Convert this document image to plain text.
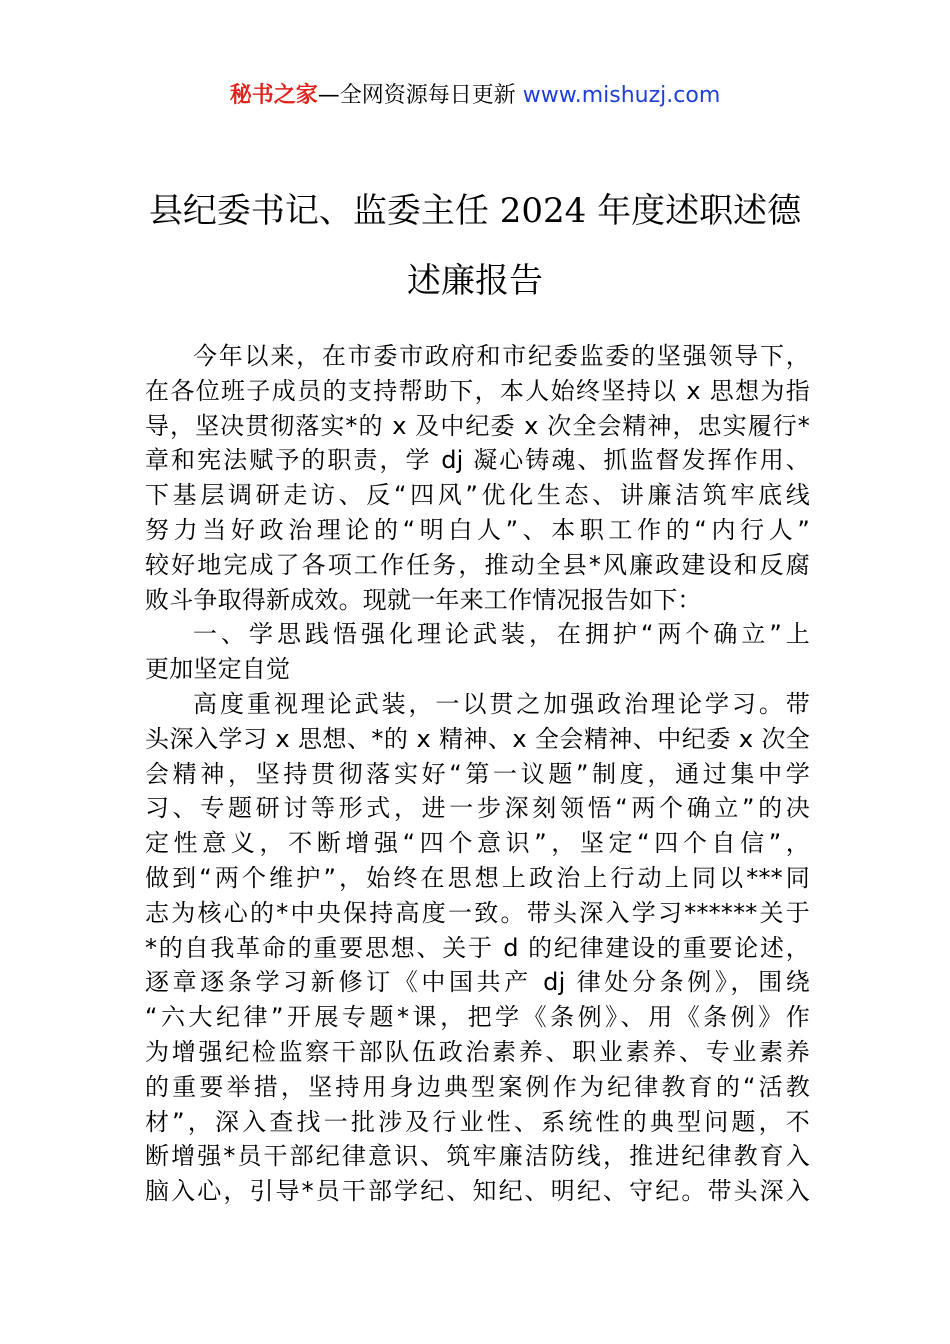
秘书之家—全网资源每日更新 www.mishuzj.com
县纪委书记、监委主任 2024 年度述职述德
述廉报告
今年以来，在市委市政府和市纪委监委的坚强领导下，
在各位班子成员的支持帮助下，本人始终坚持以 x 思想为指
导，坚决贯彻落实*的 x 及中纪委 x 次全会精神，忠实履行*
章和宪法赋予的职责，学 dj 凝心铸魂、抓监督发挥作用、
下基层调研走访、反“四风”优化生态、讲廉洁筑牢底线
努力当好政治理论的“明白人”、本职工作的“内行人”
较好地完成了各项工作任务，推动全县*风廉政建设和反腐
败斗争取得新成效。现就一年来工作情况报告如下：
一、学思践悟强化理论武装，在拥护“两个确立”上
更加坚定自觉
高度重视理论武装，一以贯之加强政治理论学习。带
头深入学习 x 思想、*的 x 精神、x 全会精神、中纪委 x 次全
会精神，坚持贯彻落实好“第一议题”制度，通过集中学
习、专题研讨等形式，进一步深刻领悟“两个确立”的决
定性意义，不断增强“四个意识”，坚定“四个自信”，
做到“两个维护”，始终在思想上政治上行动上同以***同
志为核心的*中央保持高度一致。带头深入学习******关于
*的自我革命的重要思想、关于 d 的纪律建设的重要论述，
逐章逐条学习新修订《中国共产 dj 律处分条例》，围绕
“六大纪律”开展专题*课，把学《条例》、用《条例》作
为增强纪检监察干部队伍政治素养、职业素养、专业素养
的重要举措，坚持用身边典型案例作为纪律教育的“活教
材”，深入查找一批涉及行业性、系统性的典型问题，不
断增强*员干部纪律意识、筑牢廉洁防线，推进纪律教育入
脑入心，引导*员干部学纪、知纪、明纪、守纪。带头深入
